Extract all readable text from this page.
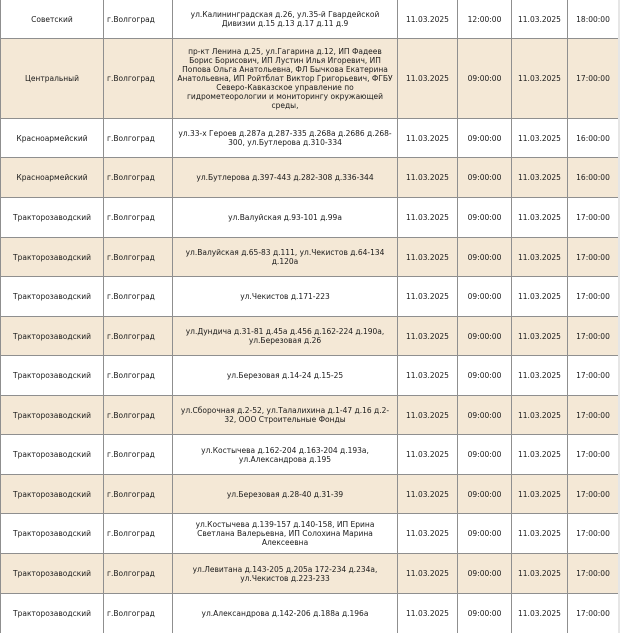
Советский	г.Волгоград	ул.Калининградская д.26, ул.35-й Гвардейской Дивизии д.15 д.13 д.17 д.11 д.9	11.03.2025	12:00:00	11.03.2025	18:00:00
Центральный	г.Волгоград	пр-кт Ленина д.25, ул.Гагарина д.12, ИП Фадеев Борис Борисович, ИП Лустин Илья Игоревич, ИП Попова Ольга Анатольевна, ФЛ Бычкова Екатерина Анатольевна, ИП Ройтблат Виктор Григорьевич, ФГБУ Северо-Кавказское управление по гидрометеорологии и мониторингу окружающей среды,	11.03.2025	09:00:00	11.03.2025	17:00:00
Красноармейский	г.Волгоград	ул.33-х Героев д.287а д.287-335 д.268а д.2686 д.268-300, ул.Бутлерова д.310-334	11.03.2025	09:00:00	11.03.2025	16:00:00
Красноармейский	г.Волгоград	ул.Бутлерова д.397-443 д.282-308 д.336-344	11.03.2025	09:00:00	11.03.2025	16:00:00
Тракторозаводский	г.Волгоград	ул.Валуйская д.93-101 д.99а	11.03.2025	09:00:00	11.03.2025	17:00:00
Тракторозаводский	г.Волгоград	ул.Валуйская д.65-83 д.111, ул.Чекистов д.64-134 д.120а	11.03.2025	09:00:00	11.03.2025	17:00:00
Тракторозаводский	г.Волгоград	ул.Чекистов д.171-223	11.03.2025	09:00:00	11.03.2025	17:00:00
Тракторозаводский	г.Волгоград	ул.Дундича д.31-81 д.45а д.456 д.162-224 д.190а, ул.Березовая д.26	11.03.2025	09:00:00	11.03.2025	17:00:00
Тракторозаводский	г.Волгоград	ул.Березовая д.14-24 д.15-25	11.03.2025	09:00:00	11.03.2025	17:00:00
Тракторозаводский	г.Волгоград	ул.Сборочная д.2-52, ул.Талалихина д.1-47 д.16 д.2-32, ООО Строительные Фонды	11.03.2025	09:00:00	11.03.2025	17:00:00
Тракторозаводский	г.Волгоград	ул.Костычева д.162-204 д.163-204 д.193а, ул.Александрова д.195	11.03.2025	09:00:00	11.03.2025	17:00:00
Тракторозаводский	г.Волгоград	ул.Березовая д.28-40 д.31-39	11.03.2025	09:00:00	11.03.2025	17:00:00
Тракторозаводский	г.Волгоград	ул.Костычева д.139-157 д.140-158, ИП Ерина Светлана Валерьевна, ИП Солохина Марина Алексеевна	11.03.2025	09:00:00	11.03.2025	17:00:00
Тракторозаводский	г.Волгоград	ул.Левитана д.143-205 д.205а 172-234 д.234а, ул.Чекистов д.223-233	11.03.2025	09:00:00	11.03.2025	17:00:00
Тракторозаводский	г.Волгоград	ул.Александрова д.142-206 д.188а д.196а	11.03.2025	09:00:00	11.03.2025	17:00:00
